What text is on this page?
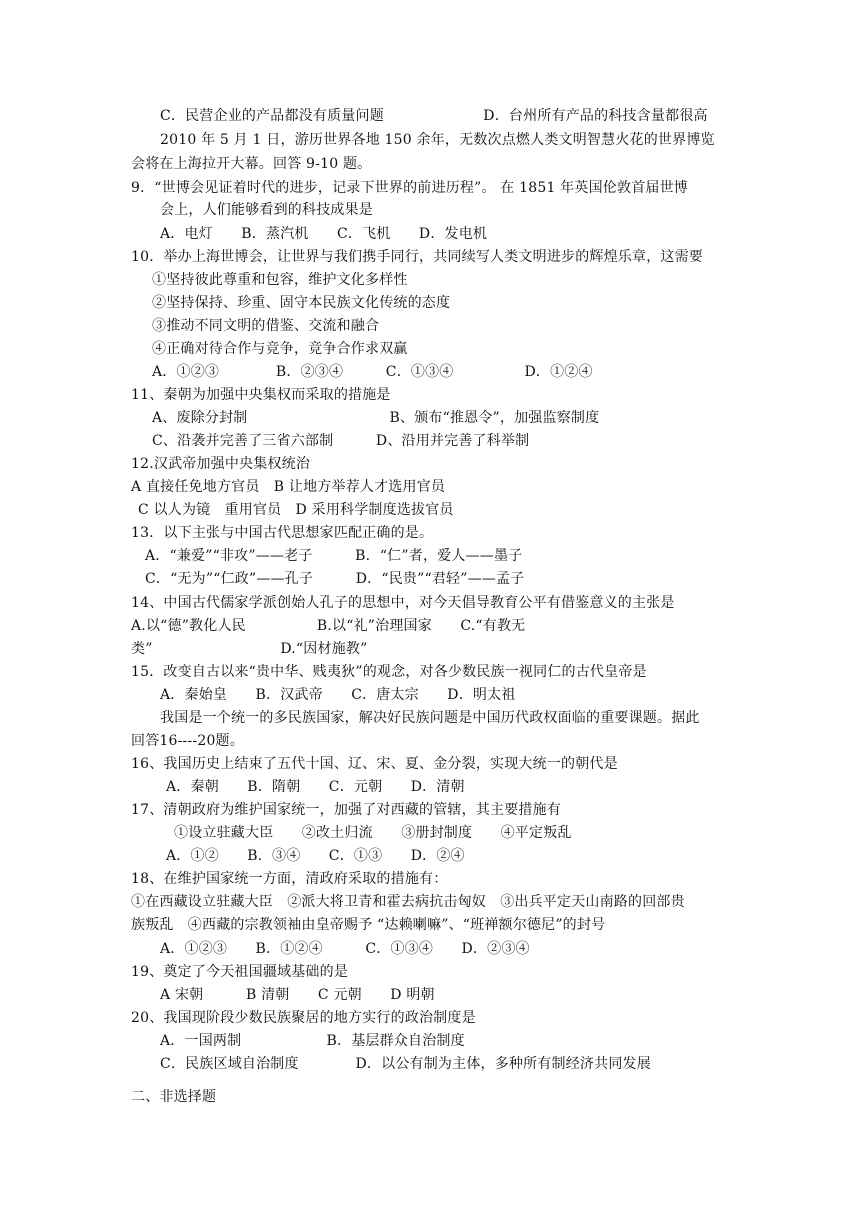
C．民营企业的产品都没有质量问题　　　　　　　D．台州所有产品的科技含量都很高
2010 年 5 月 1 日，游历世界各地 150 余年，无数次点燃人类文明智慧火花的世界博览
会将在上海拉开大幕。回答 9-10 题。
9．“世博会见证着时代的进步，记录下世界的前进历程”。 在 1851 年英国伦敦首届世博
会上，人们能够看到的科技成果是
A．电灯　　B．蒸汽机　　C．飞机　　D．发电机
10．举办上海世博会，让世界与我们携手同行，共同续写人类文明进步的辉煌乐章，这需要
①坚持彼此尊重和包容，维护文化多样性
②坚持保持、珍重、固守本民族文化传统的态度
③推动不同文明的借鉴、交流和融合
④正确对待合作与竞争，竞争合作求双赢
A．①②③　　　　B．②③④　　　C．①③④　　　　　D．①②④
11、秦朝为加强中央集权而采取的措施是
A、废除分封制　　　　　　　　　　B、颁布“推恩令”，加强监察制度
C、沿袭并完善了三省六部制　　　D、沿用并完善了科举制
12.汉武帝加强中央集权统治
A 直接任免地方官员　B 让地方举荐人才选用官员
C 以人为镜　重用官员　D 采用科学制度选拔官员
13．以下主张与中国古代思想家匹配正确的是。
A．“兼爱”“非攻”——老子　　　B．“仁”者，爱人——墨子
C．“无为”“仁政”——孔子　　　D．“民贵”“君轻”——孟子
14、中国古代儒家学派创始人孔子的思想中，对今天倡导教育公平有借鉴意义的主张是
A.以“德”教化人民　　　　　B.以“礼”治理国家　　C.“有教无
类”　　　　　　　　　D.“因材施教”
15．改变自古以来“贵中华、贱夷狄”的观念，对各少数民族一视同仁的古代皇帝是
A．秦始皇　　B．汉武帝　　C．唐太宗　　D．明太祖
我国是一个统一的多民族国家，解决好民族问题是中国历代政权面临的重要课题。据此
回答16----20题。
16、我国历史上结束了五代十国、辽、宋、夏、金分裂，实现大统一的朝代是
A．秦朝　　B．隋朝　　C．元朝　　D．清朝
17、清朝政府为维护国家统一，加强了对西藏的管辖，其主要措施有
①设立驻藏大臣　　②改土归流　　③册封制度　　④平定叛乱
A．①②　　B．③④　　C．①③　　D．②④
18、在维护国家统一方面，清政府采取的措施有：
①在西藏设立驻藏大臣　②派大将卫青和霍去病抗击匈奴　③出兵平定天山南路的回部贵
族叛乱　④西藏的宗教领袖由皇帝赐予 “达赖喇嘛”、“班禅额尔德尼”的封号
A．①②③　　B．①②④　　　C．①③④　　D．②③④
19、奠定了今天祖国疆域基础的是
A 宋朝　　　B 清朝　　C 元朝　　D 明朝
20、我国现阶段少数民族聚居的地方实行的政治制度是
A．一国两制　　　　　　B．基层群众自治制度
C．民族区域自治制度　　　　D．以公有制为主体，多种所有制经济共同发展
二、非选择题
